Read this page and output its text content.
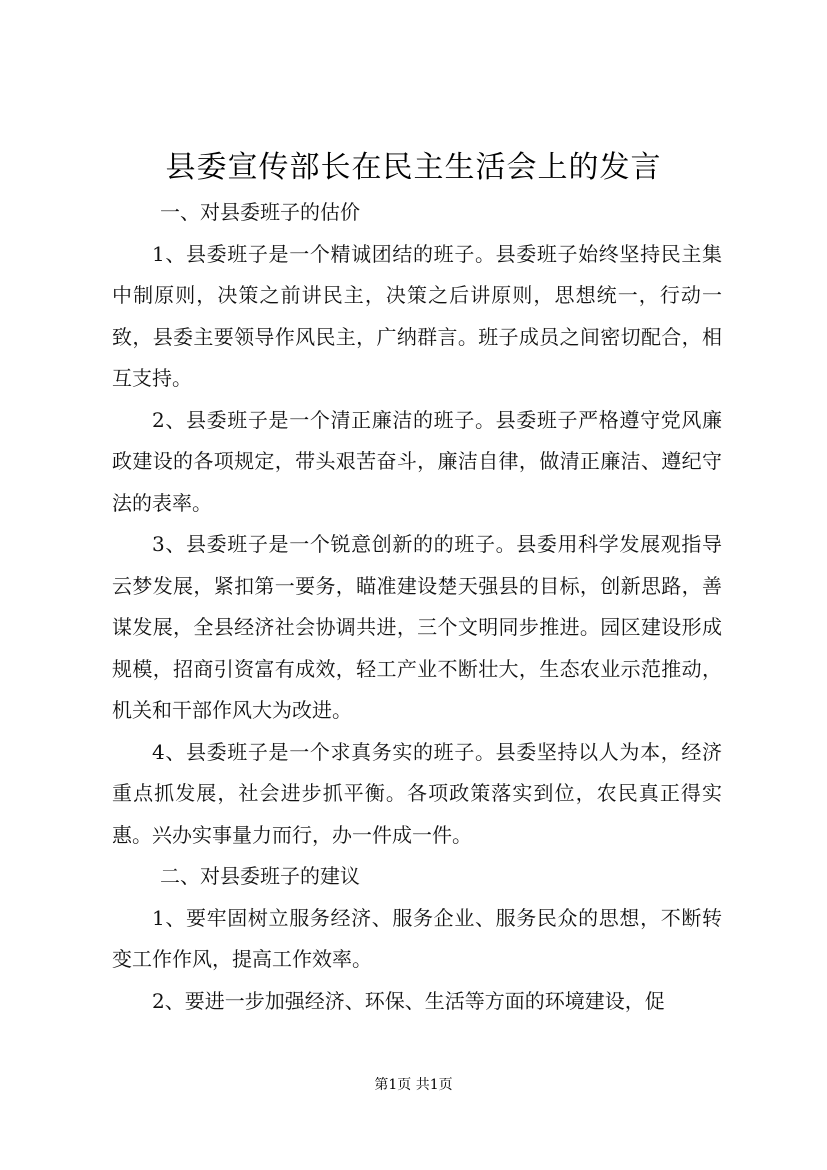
县委宣传部长在民主生活会上的发言

一、对县委班子的估价

1、县委班子是一个精诚团结的班子。县委班子始终坚持民主集中制原则，决策之前讲民主，决策之后讲原则，思想统一，行动一致，县委主要领导作风民主，广纳群言。班子成员之间密切配合，相互支持。

2、县委班子是一个清正廉洁的班子。县委班子严格遵守党风廉政建设的各项规定，带头艰苦奋斗，廉洁自律，做清正廉洁、遵纪守法的表率。

3、县委班子是一个锐意创新的的班子。县委用科学发展观指导云梦发展，紧扣第一要务，瞄准建设楚天强县的目标，创新思路，善谋发展，全县经济社会协调共进，三个文明同步推进。园区建设形成规模，招商引资富有成效，轻工产业不断壮大，生态农业示范推动，机关和干部作风大为改进。

4、县委班子是一个求真务实的班子。县委坚持以人为本，经济重点抓发展，社会进步抓平衡。各项政策落实到位，农民真正得实惠。兴办实事量力而行，办一件成一件。

二、对县委班子的建议

1、要牢固树立服务经济、服务企业、服务民众的思想，不断转变工作作风，提高工作效率。

2、要进一步加强经济、环保、生活等方面的环境建设，促

第1页 共1页
